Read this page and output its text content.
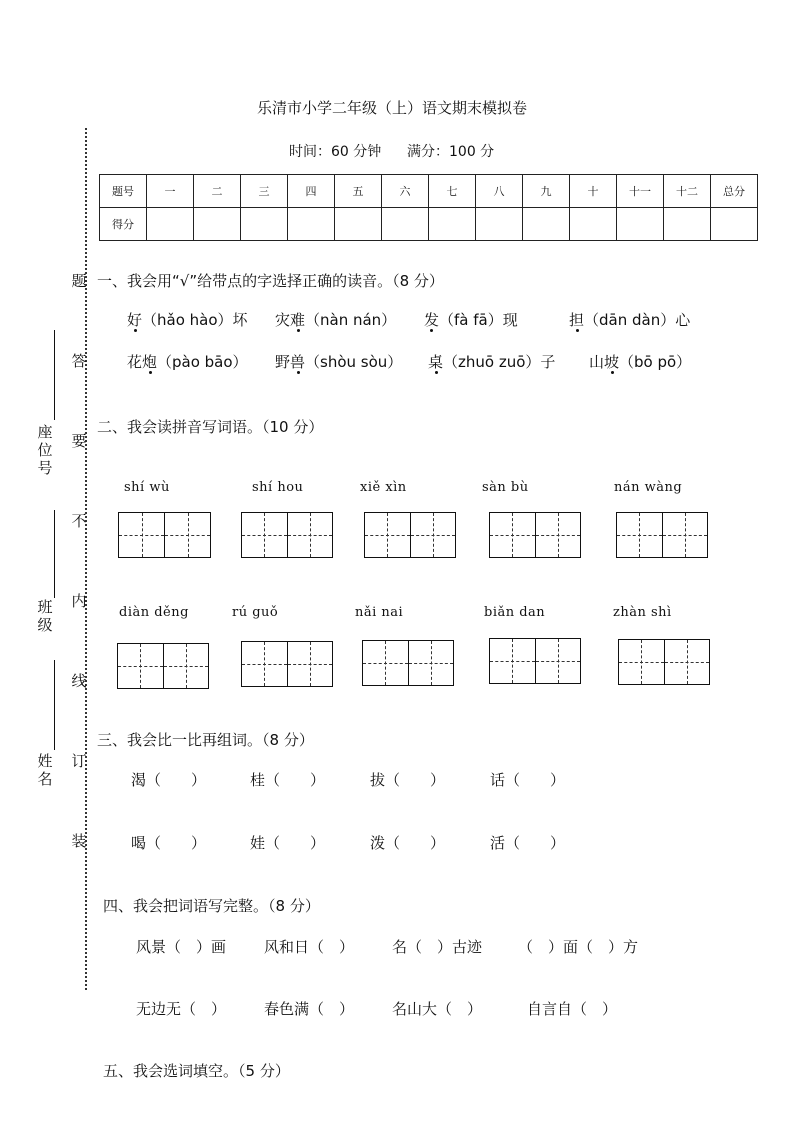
乐清市小学二年级（上）语文期末模拟卷
时间：60 分钟 满分：100 分
题号	一	二	三	四	五	六	七	八	九	十	十一	十二	总分
得分													
题
答
要
不
内
线
订
装
座位号
班级
姓名
一、我会用“√”给带点的字选择正确的读音。（8 分）
好（hǎo hào）坏 灾难（nàn nán） 发（fà fā）现	担（dān dàn）心
花炮（pào bāo） 野兽（shòu sòu） 桌（zhuō zuō）子 山坡（bō pō）
二、我会读拼音写词语。（10 分）
shí wù	shí hou	xiě xìn	sàn bù	nán wàng
diàn děng	rú guǒ	nǎi nai	biǎn dan	zhàn shì
三、我会比一比再组词。（8 分）
渴（　　）	桂（　　）	拔（　　）	话（　　）
喝（　　）	娃（　　）	泼（　　）	活（　　）
四、我会把词语写完整。（8 分）
风景（　）画	风和日（　）	名（　）古迹 （　）面（　）方
无边无（　）	春色满（　）	名山大（　）	自言自（　）
五、我会选词填空。（5 分）
